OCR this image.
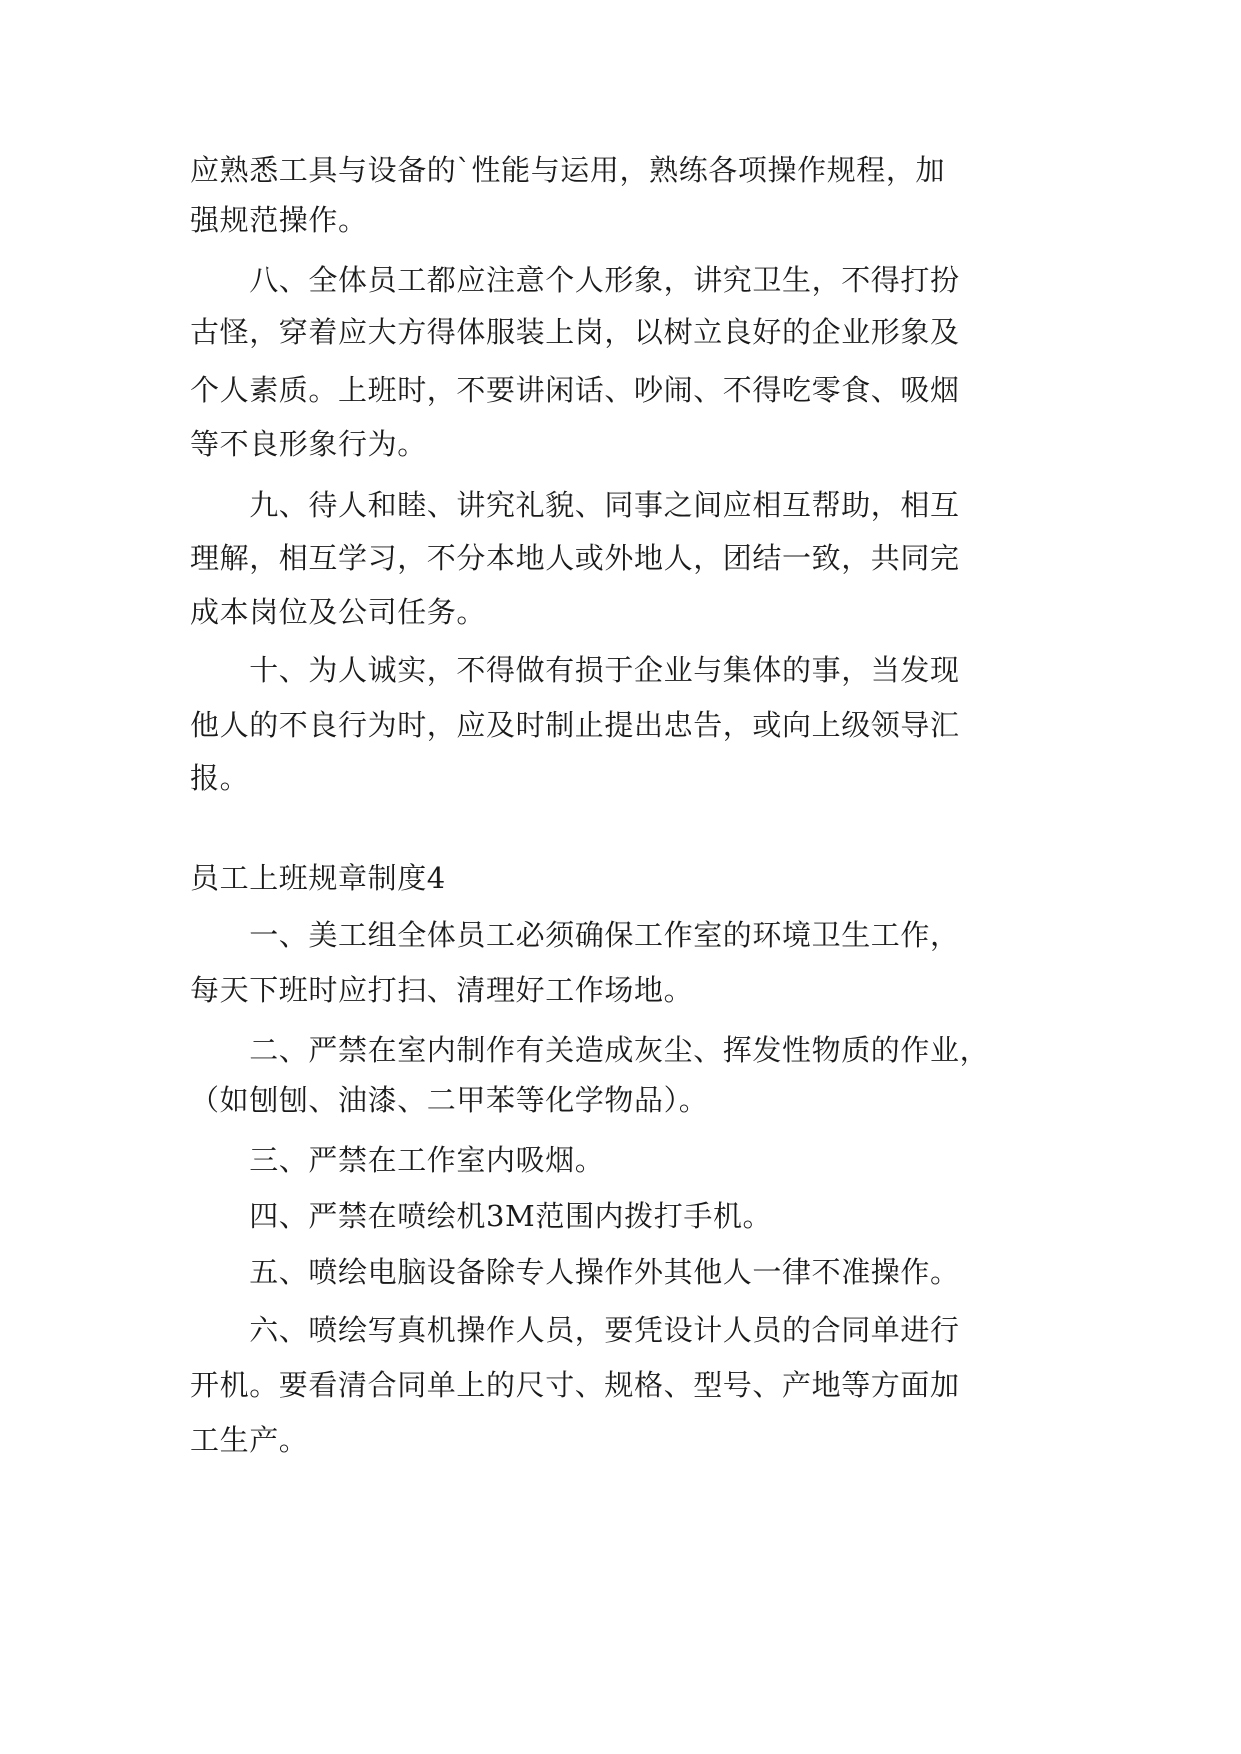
应熟悉工具与设备的`性能与运用，熟练各项操作规程，加
强规范操作。
　　八、全体员工都应注意个人形象，讲究卫生，不得打扮
古怪，穿着应大方得体服装上岗，以树立良好的企业形象及
个人素质。上班时，不要讲闲话、吵闹、不得吃零食、吸烟
等不良形象行为。
　　九、待人和睦、讲究礼貌、同事之间应相互帮助，相互
理解，相互学习，不分本地人或外地人，团结一致，共同完
成本岗位及公司任务。
　　十、为人诚实，不得做有损于企业与集体的事，当发现
他人的不良行为时，应及时制止提出忠告，或向上级领导汇
报。
员工上班规章制度4
　　一、美工组全体员工必须确保工作室的环境卫生工作，
每天下班时应打扫、清理好工作场地。
　　二、严禁在室内制作有关造成灰尘、挥发性物质的作业，
（如刨刨、油漆、二甲苯等化学物品）。
　　三、严禁在工作室内吸烟。
　　四、严禁在喷绘机3M范围内拨打手机。
　　五、喷绘电脑设备除专人操作外其他人一律不准操作。
　　六、喷绘写真机操作人员，要凭设计人员的合同单进行
开机。要看清合同单上的尺寸、规格、型号、产地等方面加
工生产。
